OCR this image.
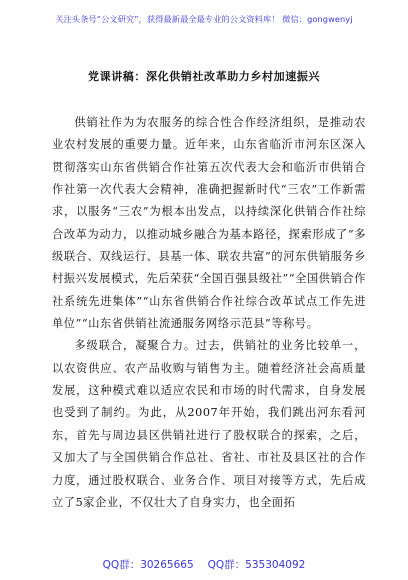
关注头条号“公文研究”，获得最新最全最专业的公文资料库！ 微信：gongwenyj
党课讲稿：深化供销社改革助力乡村加速振兴

供销社作为为农服务的综合性合作经济组织，是推动农业农村发展的重要力量。近年来，山东省临沂市河东区深入贯彻落实山东省供销合作社第五次代表大会和临沂市供销合作社第一次代表大会精神，准确把握新时代“三农”工作新需求，以服务“三农”为根本出发点，以持续深化供销合作社综合改革为动力，以推动城乡融合为基本路径，探索形成了“多级联合、双线运行、县基一体、联农共富”的河东供销服务乡村振兴发展模式，先后荣获“全国百强县级社”“全国供销合作社系统先进集体”“山东省供销合作社综合改革试点工作先进单位”“山东省供销社流通服务网络示范县”等称号。

多级联合，凝聚合力。过去，供销社的业务比较单一，以农资供应、农产品收购与销售为主。随着经济社会高质量发展，这种模式难以适应农民和市场的时代需求，自身发展也受到了制约。为此，从2007年开始，我们跳出河东看河东，首先与周边县区供销社进行了股权联合的探索，之后，又加大了与全国供销合作总社、省社、市社及县区社的合作力度，通过股权联合、业务合作、项目对接等方式，先后成立了5家企业，不仅壮大了自身实力，也全面拓

QQ群：30265665 QQ群：535304092
